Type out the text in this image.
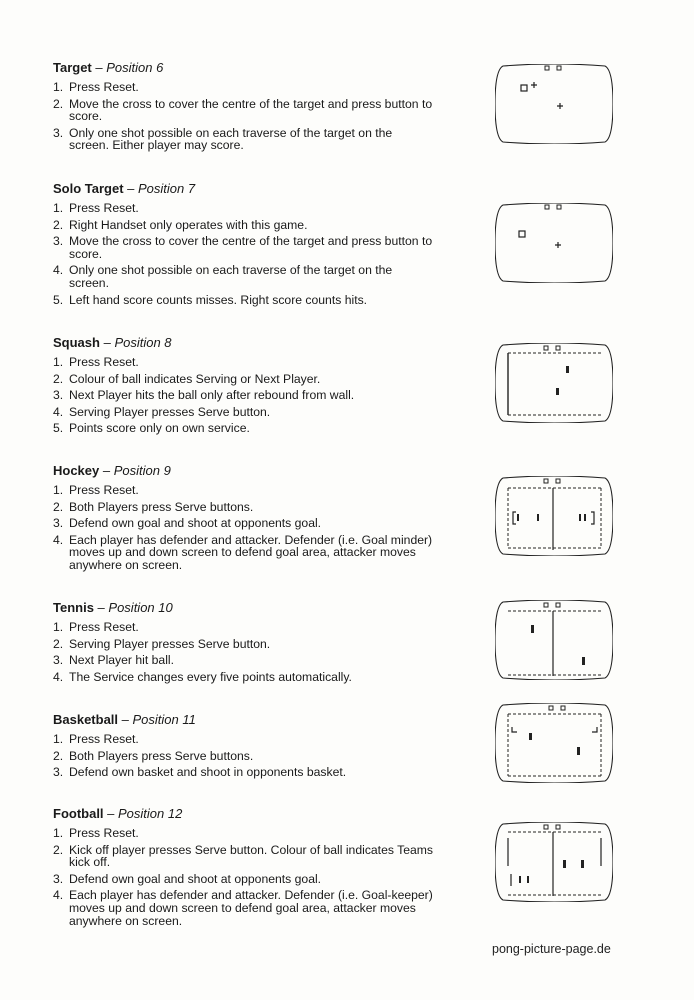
Target – Position 6
1. Press Reset.
2. Move the cross to cover the centre of the target and press button to score.
3. Only one shot possible on each traverse of the target on the screen. Either player may score.
Solo Target – Position 7
1. Press Reset.
2. Right Handset only operates with this game.
3. Move the cross to cover the centre of the target and press button to score.
4. Only one shot possible on each traverse of the target on the screen.
5. Left hand score counts misses. Right score counts hits.
Squash – Position 8
1. Press Reset.
2. Colour of ball indicates Serving or Next Player.
3. Next Player hits the ball only after rebound from wall.
4. Serving Player presses Serve button.
5. Points score only on own service.
Hockey – Position 9
1. Press Reset.
2. Both Players press Serve buttons.
3. Defend own goal and shoot at opponents goal.
4. Each player has defender and attacker. Defender (i.e. Goal minder) moves up and down screen to defend goal area, attacker moves anywhere on screen.
Tennis – Position 10
1. Press Reset.
2. Serving Player presses Serve button.
3. Next Player hit ball.
4. The Service changes every five points automatically.
Basketball – Position 11
1. Press Reset.
2. Both Players press Serve buttons.
3. Defend own basket and shoot in opponents basket.
Football – Position 12
1. Press Reset.
2. Kick off player presses Serve button. Colour of ball indicates Teams kick off.
3. Defend own goal and shoot at opponents goal.
4. Each player has defender and attacker. Defender (i.e. Goal-keeper) moves up and down screen to defend goal area, attacker moves anywhere on screen.
pong-picture-page.de
